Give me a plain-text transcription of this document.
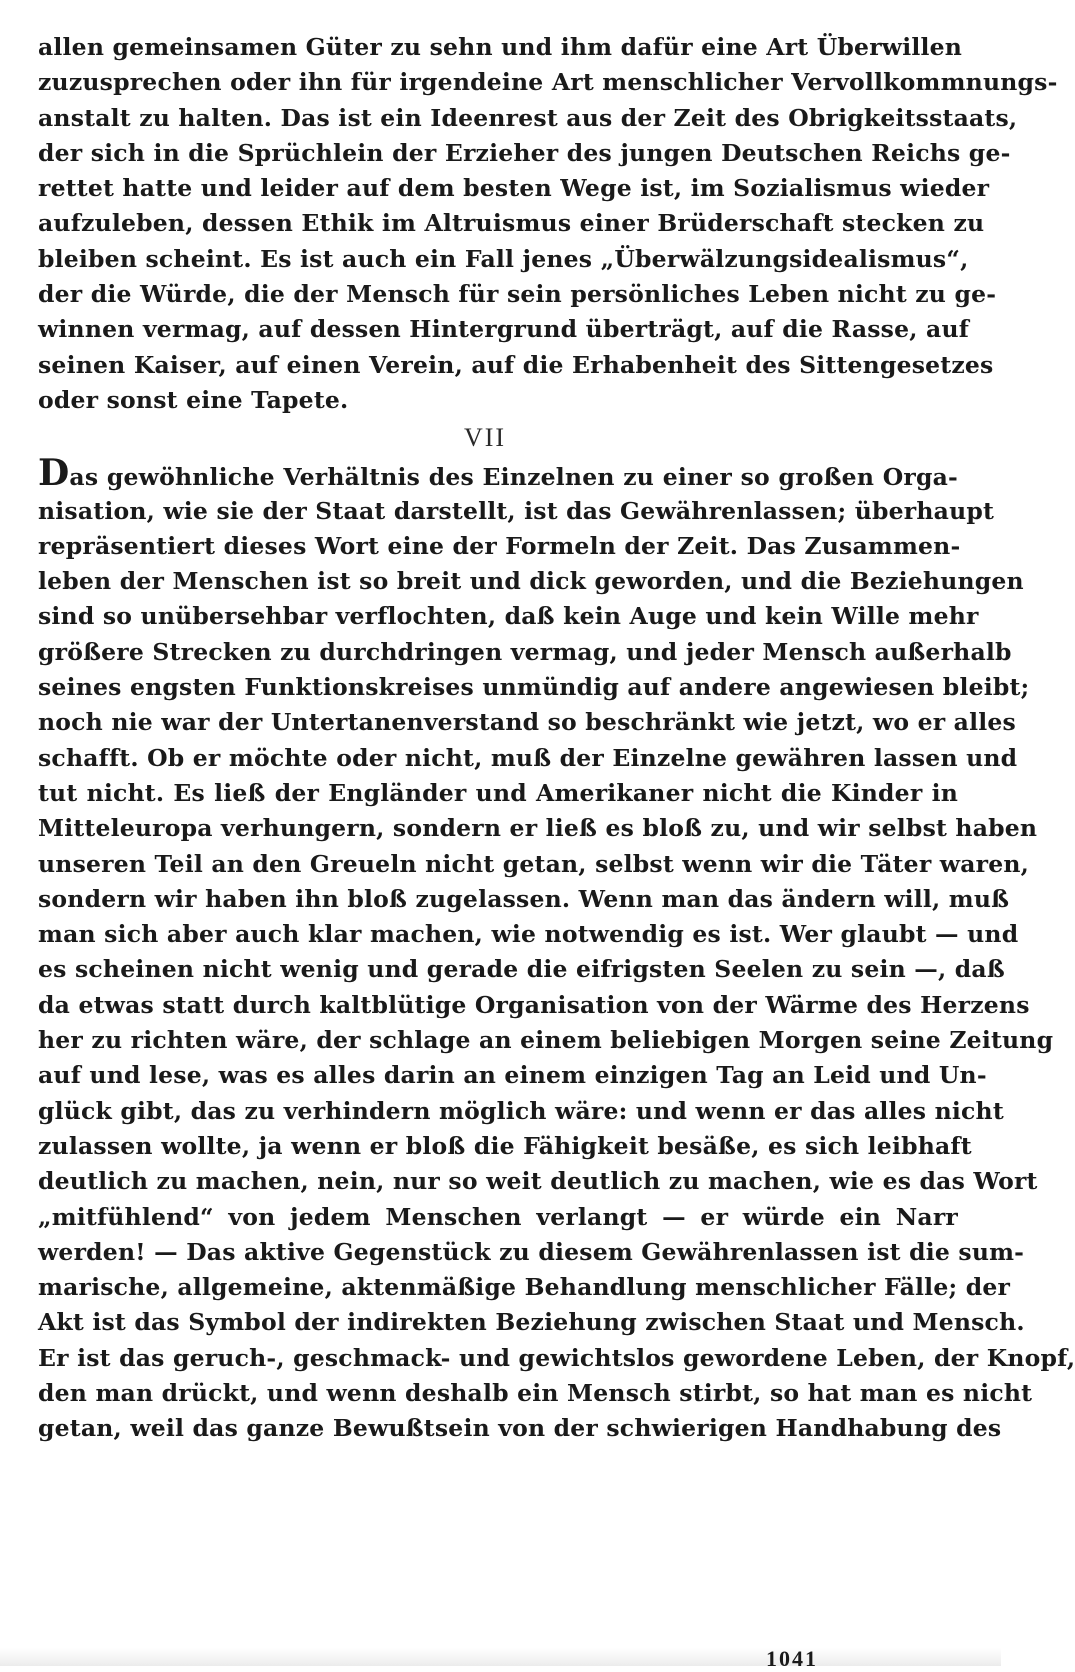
allen gemeinsamen Güter zu sehn und ihm dafür eine Art Überwillen
zuzusprechen oder ihn für irgendeine Art menschlicher Vervollkommnungs-
anstalt zu halten. Das ist ein Ideenrest aus der Zeit des Obrigkeitsstaats,
der sich in die Sprüchlein der Erzieher des jungen Deutschen Reichs ge-
rettet hatte und leider auf dem besten Wege ist, im Sozialismus wieder
aufzuleben, dessen Ethik im Altruismus einer Brüderschaft stecken zu
bleiben scheint. Es ist auch ein Fall jenes „Überwälzungsidealismus“,
der die Würde, die der Mensch für sein persönliches Leben nicht zu ge-
winnen vermag, auf dessen Hintergrund überträgt, auf die Rasse, auf
seinen Kaiser, auf einen Verein, auf die Erhabenheit des Sittengesetzes
oder sonst eine Tapete.

VII

Das gewöhnliche Verhältnis des Einzelnen zu einer so großen Orga-
nisation, wie sie der Staat darstellt, ist das Gewährenlassen; überhaupt
repräsentiert dieses Wort eine der Formeln der Zeit. Das Zusammen-
leben der Menschen ist so breit und dick geworden, und die Beziehungen
sind so unübersehbar verflochten, daß kein Auge und kein Wille mehr
größere Strecken zu durchdringen vermag, und jeder Mensch außerhalb
seines engsten Funktionskreises unmündig auf andere angewiesen bleibt;
noch nie war der Untertanenverstand so beschränkt wie jetzt, wo er alles
schafft. Ob er möchte oder nicht, muß der Einzelne gewähren lassen und
tut nicht. Es ließ der Engländer und Amerikaner nicht die Kinder in
Mitteleuropa verhungern, sondern er ließ es bloß zu, und wir selbst haben
unseren Teil an den Greueln nicht getan, selbst wenn wir die Täter waren,
sondern wir haben ihn bloß zugelassen. Wenn man das ändern will, muß
man sich aber auch klar machen, wie notwendig es ist. Wer glaubt — und
es scheinen nicht wenig und gerade die eifrigsten Seelen zu sein —, daß
da etwas statt durch kaltblütige Organisation von der Wärme des Herzens
her zu richten wäre, der schlage an einem beliebigen Morgen seine Zeitung
auf und lese, was es alles darin an einem einzigen Tag an Leid und Un-
glück gibt, das zu verhindern möglich wäre: und wenn er das alles nicht
zulassen wollte, ja wenn er bloß die Fähigkeit besäße, es sich leibhaft
deutlich zu machen, nein, nur so weit deutlich zu machen, wie es das Wort
„mitfühlend“ von jedem Menschen verlangt — er würde ein Narr
werden! — Das aktive Gegenstück zu diesem Gewährenlassen ist die sum-
marische, allgemeine, aktenmäßige Behandlung menschlicher Fälle; der
Akt ist das Symbol der indirekten Beziehung zwischen Staat und Mensch.
Er ist das geruch-, geschmack- und gewichtslos gewordene Leben, der Knopf,
den man drückt, und wenn deshalb ein Mensch stirbt, so hat man es nicht
getan, weil das ganze Bewußtsein von der schwierigen Handhabung des

1041
